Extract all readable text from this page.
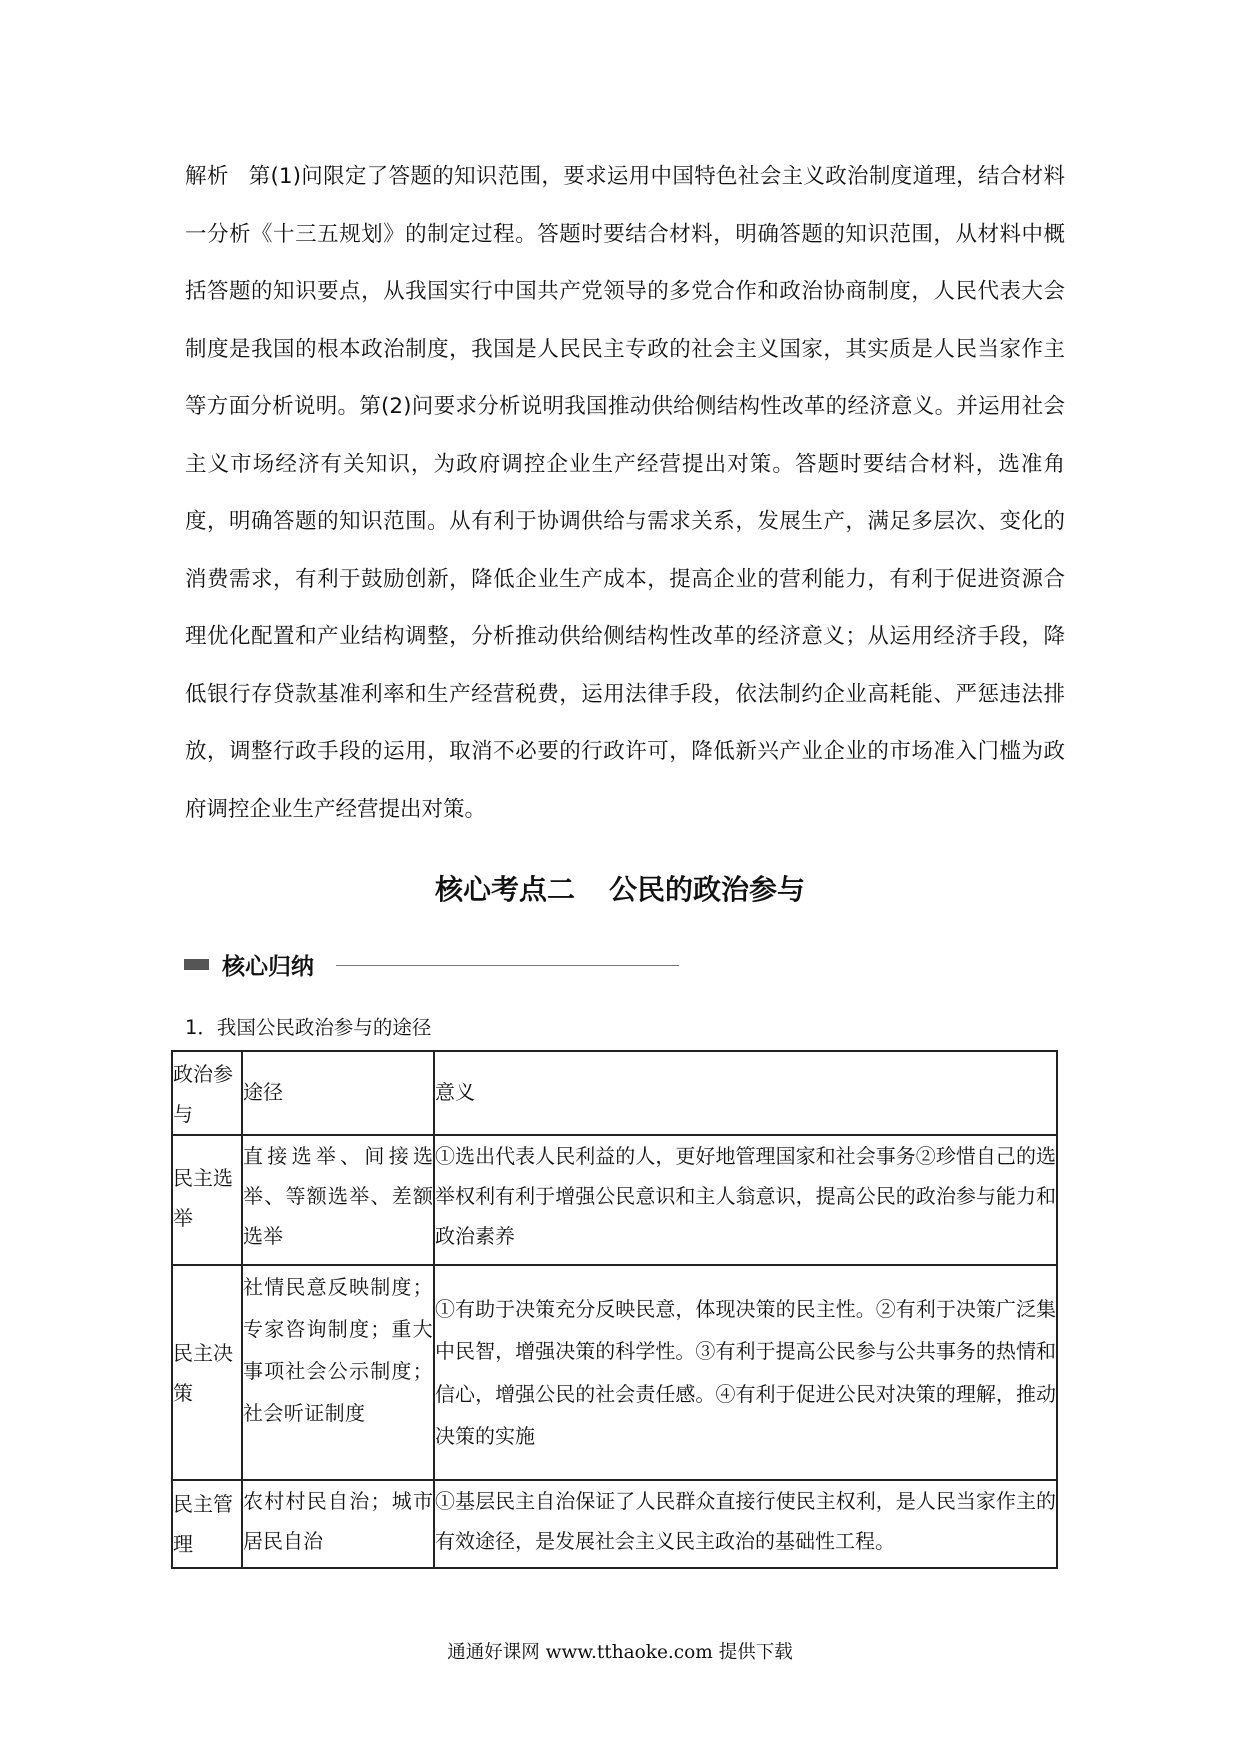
解析 第(1)问限定了答题的知识范围，要求运用中国特色社会主义政治制度道理，结合材料一分析《十三五规划》的制定过程。答题时要结合材料，明确答题的知识范围，从材料中概括答题的知识要点，从我国实行中国共产党领导的多党合作和政治协商制度，人民代表大会制度是我国的根本政治制度，我国是人民民主专政的社会主义国家，其实质是人民当家作主等方面分析说明。第(2)问要求分析说明我国推动供给侧结构性改革的经济意义。并运用社会主义市场经济有关知识，为政府调控企业生产经营提出对策。答题时要结合材料，选准角度，明确答题的知识范围。从有利于协调供给与需求关系，发展生产，满足多层次、变化的消费需求，有利于鼓励创新，降低企业生产成本，提高企业的营利能力，有利于促进资源合理优化配置和产业结构调整，分析推动供给侧结构性改革的经济意义；从运用经济手段，降低银行存贷款基准利率和生产经营税费，运用法律手段，依法制约企业高耗能、严惩违法排放，调整行政手段的运用，取消不必要的行政许可，降低新兴产业企业的市场准入门槛为政府调控企业生产经营提出对策。
核心考点二 公民的政治参与
核心归纳
1．我国公民政治参与的途径
政治参与	途径	意义
民主选举	直接选举、间接选举、等额选举、差额选举	①选出代表人民利益的人，更好地管理国家和社会事务②珍惜自己的选举权利有利于增强公民意识和主人翁意识，提高公民的政治参与能力和政治素养
民主决策	社情民意反映制度；专家咨询制度；重大事项社会公示制度；社会听证制度	①有助于决策充分反映民意，体现决策的民主性。②有利于决策广泛集中民智，增强决策的科学性。③有利于提高公民参与公共事务的热情和信心，增强公民的社会责任感。④有利于促进公民对决策的理解，推动决策的实施
民主管理	农村村民自治；城市居民自治	①基层民主自治保证了人民群众直接行使民主权利，是人民当家作主的有效途径，是发展社会主义民主政治的基础性工程。
通通好课网 www.tthaoke.com 提供下载
